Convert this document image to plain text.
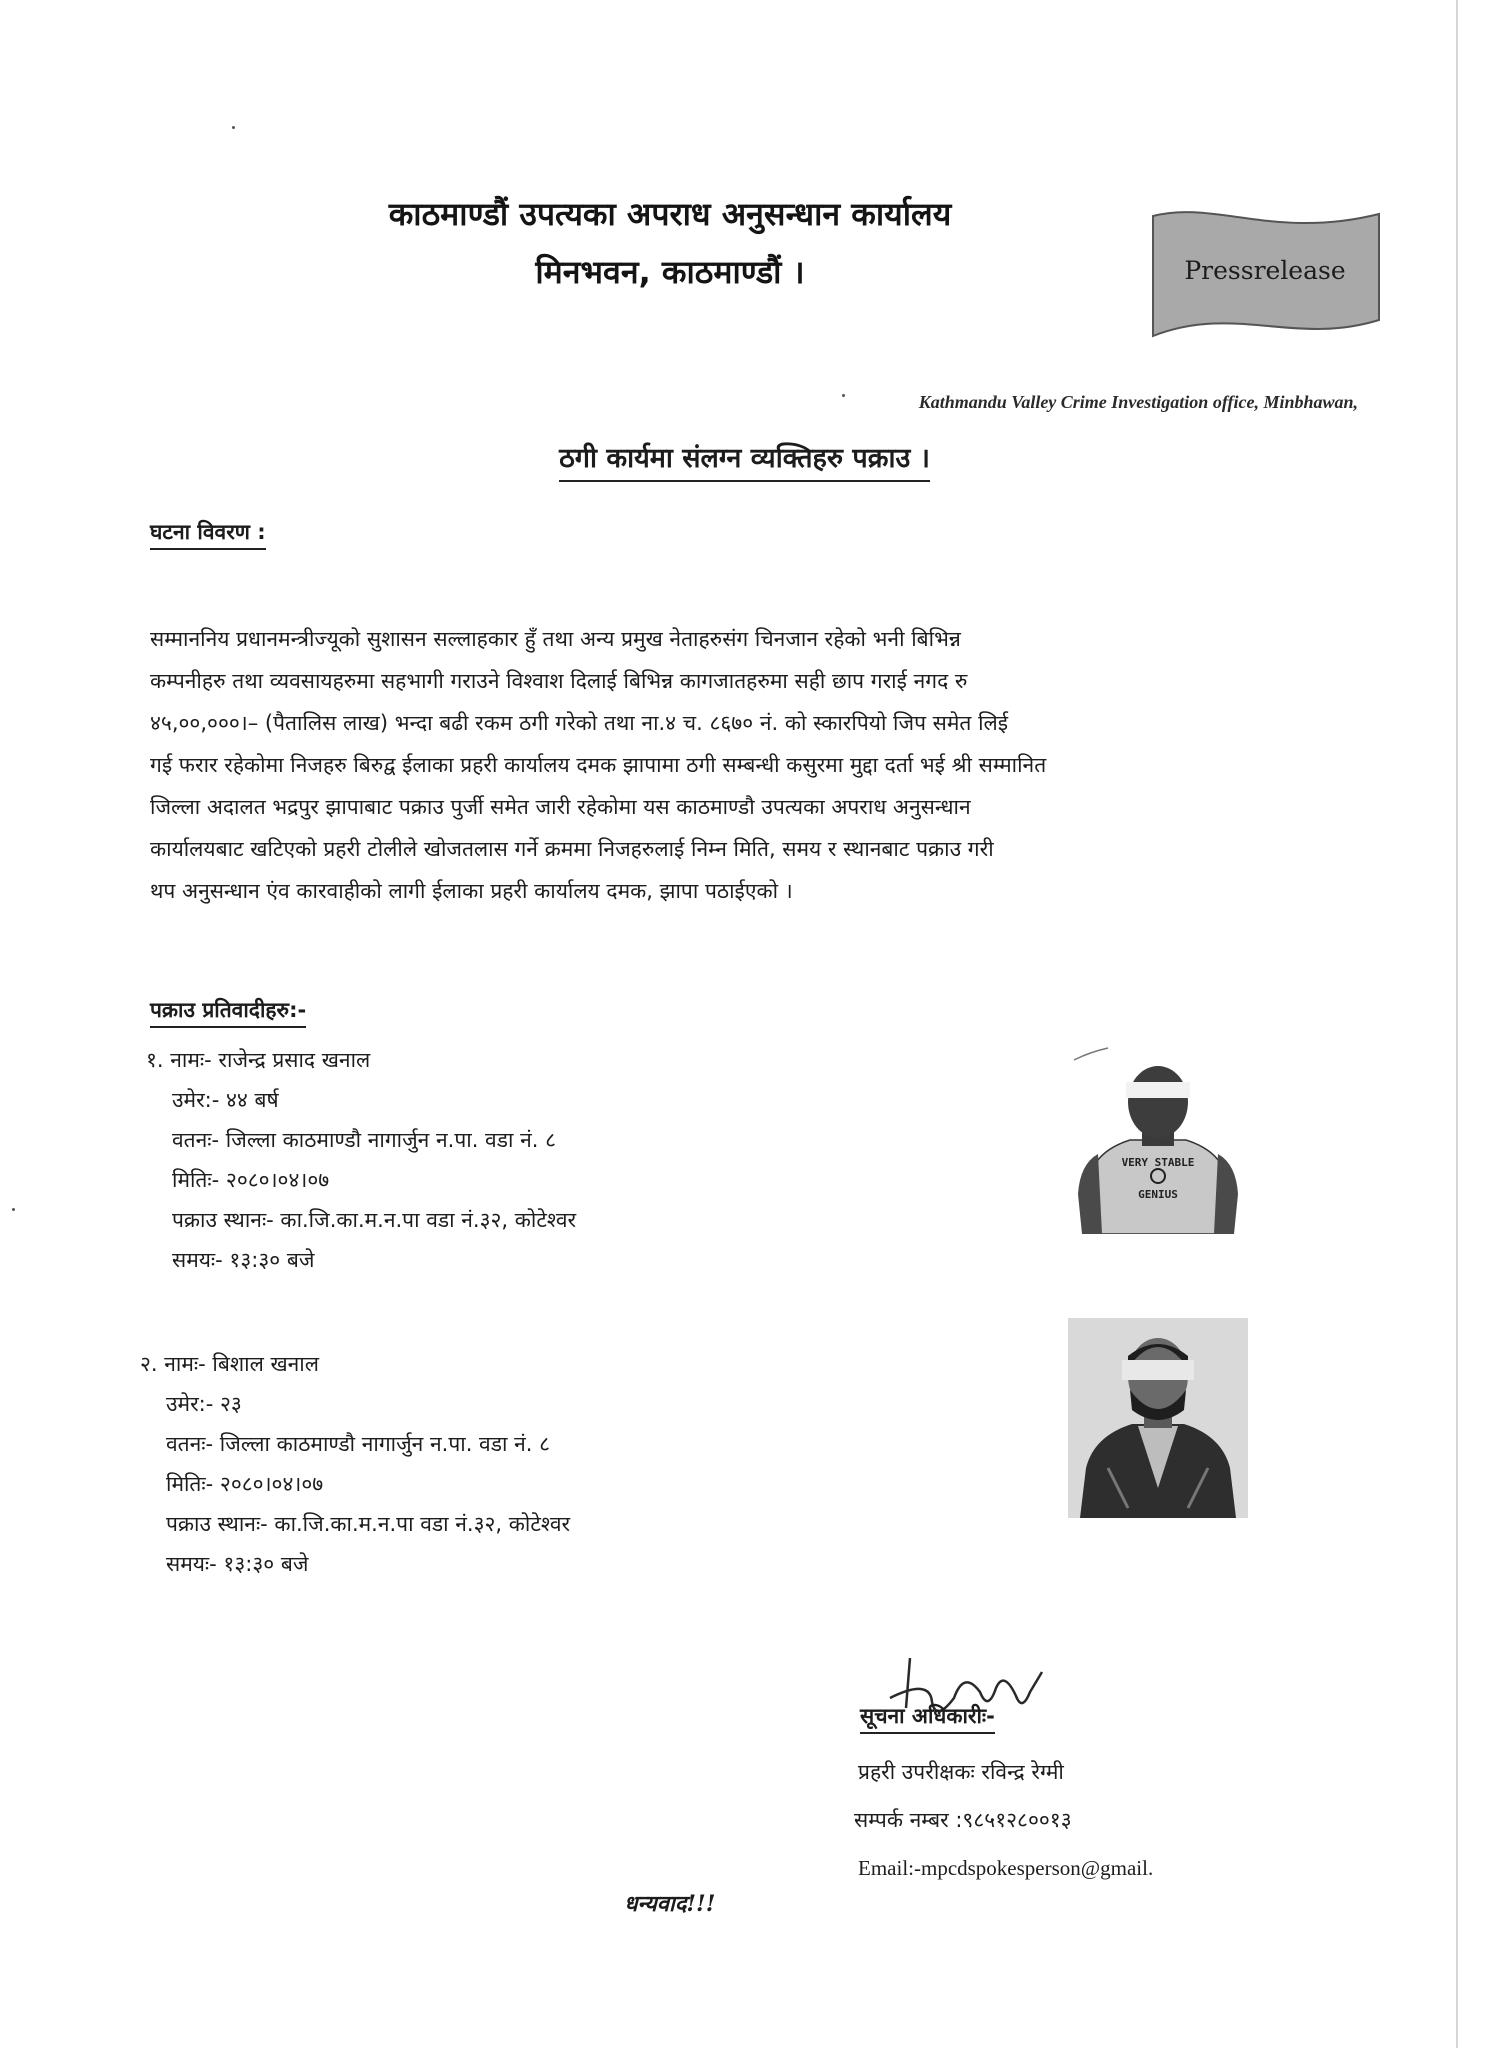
काठमाण्डौं उपत्यका अपराध अनुसन्धान कार्यालय
मिनभवन, काठमाण्डौं ।	Pressrelease
Kathmandu Valley Crime Investigation office, Minbhawan,
ठगी कार्यमा संलग्न व्यक्तिहरु पक्राउ ।
घटना विवरण :
सम्माननिय प्रधानमन्त्रीज्यूको सुशासन सल्लाहकार हुँ तथा अन्य प्रमुख नेताहरुसंग चिनजान रहेको भनी बिभिन्न
कम्पनीहरु तथा व्यवसायहरुमा सहभागी गराउने विश्वाश दिलाई बिभिन्न कागजातहरुमा सही छाप गराई नगद रु
४५,००,०००।– (पैतालिस लाख) भन्दा बढी रकम ठगी गरेको तथा ना.४ च. ८६७० नं. को स्कारपियो जिप समेत लिई
गई फरार रहेकोमा निजहरु बिरुद्व ईलाका प्रहरी कार्यालय दमक झापामा ठगी सम्बन्धी कसुरमा मुद्दा दर्ता भई श्री सम्मानित
जिल्ला अदालत भद्रपुर झापाबाट पक्राउ पुर्जी समेत जारी रहेकोमा यस काठमाण्डौ उपत्यका अपराध अनुसन्धान
कार्यालयबाट खटिएको प्रहरी टोलीले खोजतलास गर्ने क्रममा निजहरुलाई निम्न मिति, समय र स्थानबाट पक्राउ गरी
थप अनुसन्धान एंव कारवाहीको लागी ईलाका प्रहरी कार्यालय दमक, झापा पठाईएको ।
पक्राउ प्रतिवादीहरु:-
१. नामः- राजेन्द्र प्रसाद खनाल
उमेर:- ४४ बर्ष
वतनः- जिल्ला काठमाण्डौ नागार्जुन न.पा. वडा नं. ८
मितिः- २०८०।०४।०७
पक्राउ स्थानः- का.जि.का.म.न.पा वडा नं.३२, कोटेश्वर
समयः- १३:३० बजे
२. नामः- बिशाल खनाल
उमेर:- २३
वतनः- जिल्ला काठमाण्डौ नागार्जुन न.पा. वडा नं. ८
मितिः- २०८०।०४।०७
पक्राउ स्थानः- का.जि.का.म.न.पा वडा नं.३२, कोटेश्वर
समयः- १३:३० बजे
VERY STABLE
GENIUS
सूचना अधिकारीः-
प्रहरी उपरीक्षकः रविन्द्र रेग्मी
सम्पर्क नम्बर :९८५१२८००१३
Email:-mpcdspokesperson@gmail.
धन्यवाद!!!
